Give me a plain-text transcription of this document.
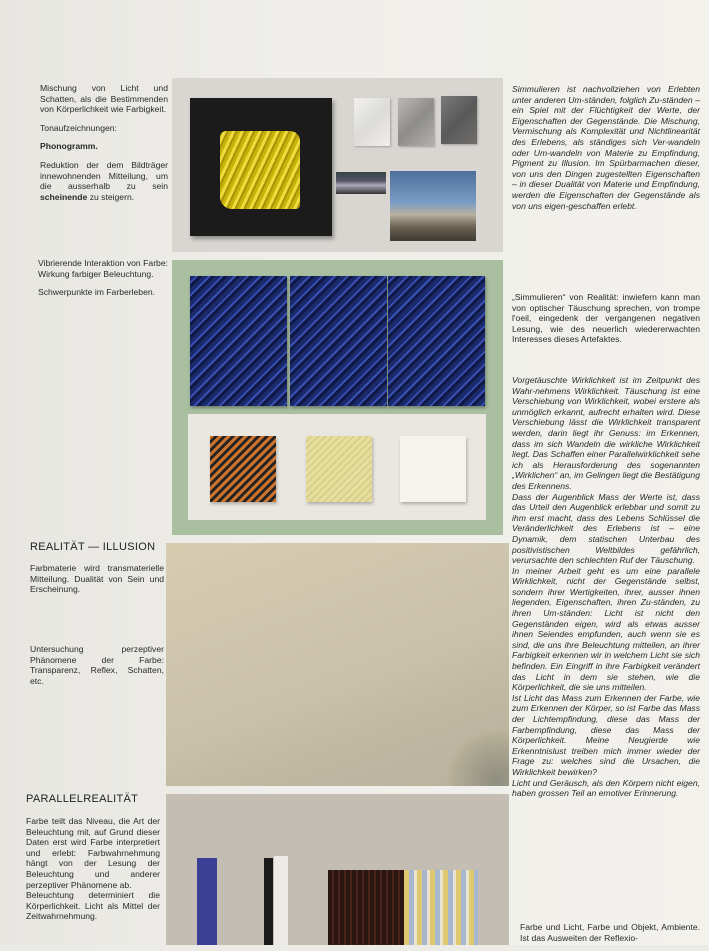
Mischung von Licht und Schatten, als die Bestimmenden von Körperlichkeit wie Farbigkeit.

Tonaufzeichnungen:

Phonogramm.

Reduktion der dem Bildträger innewohnenden Mitteilung, um die ausserhalb zu sein scheinende zu steigern.

Vibrierende Interaktion von Farbe: Wirkung farbiger Beleuchtung.

Schwerpunkte im Farberleben.

REALITÄT — ILLUSION

Farbmaterie wird transmaterielle Mitteilung. Dualität von Sein und Erscheinung.

Untersuchung perzeptiver Phänomene der Farbe: Transparenz, Reflex, Schatten, etc.

PARALLELREALITÄT

Farbe teilt das Niveau, die Art der Beleuchtung mit, auf Grund dieser Daten erst wird Farbe interpretiert und erlebt: Farbwahrnehmung hängt von der Lesung der Beleuchtung und anderer perzeptiver Phänomene ab.

Beleuchtung determiniert die Körperlichkeit. Licht als Mittel der Zeitwahrnehmung.

Simmulieren ist nachvollziehen von Erlebten unter anderen Um-ständen, folglich Zu-ständen – ein Spiel mit der Flüchtigkeit der Werte, der Eigenschaften der Gegenstände. Die Mischung, Vermischung als Komplexität und Nichtlinearität des Erlebens, als ständiges sich Ver-wandeln oder Um-wandeln von Materie zu Empfindung, Pigment zu Illusion. Im Spürbarmachen dieser, von uns den Dingen zugestellten Eigenschaften – in dieser Dualität von Materie und Empfindung, werden die Eigenschaften der Gegenstände als von uns eigen-geschaffen erlebt.

„Simmulieren“ von Realität: inwiefern kann man von optischer Täuschung sprechen, von trompe l'oeil, eingedenk der vergangenen negativen Lesung, wie des neuerlich wiedererwachten Interesses dieses Artefaktes.

Vorgetäuschte Wirklichkeit ist im Zeitpunkt des Wahr-nehmens Wirklichkeit. Täuschung ist eine Verschiebung von Wirklichkeit, wobei erstere als unmöglich erkannt, aufrecht erhalten wird. Diese Verschiebung lässt die Wirklichkeit transparent werden, darin liegt ihr Genuss: im Erkennen, dass im sich Wandeln die wirkliche Wirklichkeit liegt. Das Schaffen einer Parallelwirklichkeit sehe ich als Herausforderung des sogenannten „Wirklichen“ an, im Gelingen liegt die Bestätigung des Erkennens.

Dass der Augenblick Mass der Werte ist, dass das Urteil den Augenblick erlebbar und somit zu ihm erst macht, dass des Lebens Schlüssel die Veränderlichkeit des Erlebens ist – eine Dynamik, dem statischen Unterbau des positivistischen Weltbildes gefährlich, verursachte den schlechten Ruf der Täuschung.

In meiner Arbeit geht es um eine parallele Wirklichkeit, nicht der Gegenstände selbst, sondern ihrer Wertigkeiten, ihrer, ausser ihnen liegenden, Eigenschaften, ihren Zu-ständen, zu ihren Um-ständen: Licht ist nicht den Gegenständen eigen, wird als etwas ausser ihnen Seiendes empfunden, auch wenn sie es sind, die uns ihre Beleuchtung mitteilen, an ihrer Farbigkeit erkennen wir in welchem Licht sie sich befinden. Ein Eingriff in ihre Farbigkeit verändert das Licht in dem sie stehen, wie die Körperlichkeit, die sie uns mitteilen.

Ist Licht das Mass zum Erkennen der Farbe, wie zum Erkennen der Körper, so ist Farbe das Mass der Lichtempfindung, diese das Mass der Farbempfindung, diese das Mass der Körperlichkeit. Meine Neugierde wie Erkenntnislust treiben mich immer wieder der Frage zu: welches sind die Ursachen, die Wirklichkeit bewirken?

Licht und Geräusch, als den Körpern nicht eigen, haben grossen Teil an emotiver Erinnerung.

Farbe und Licht, Farbe und Objekt, Ambiente. Ist das Ausweiten der Reflexio-
